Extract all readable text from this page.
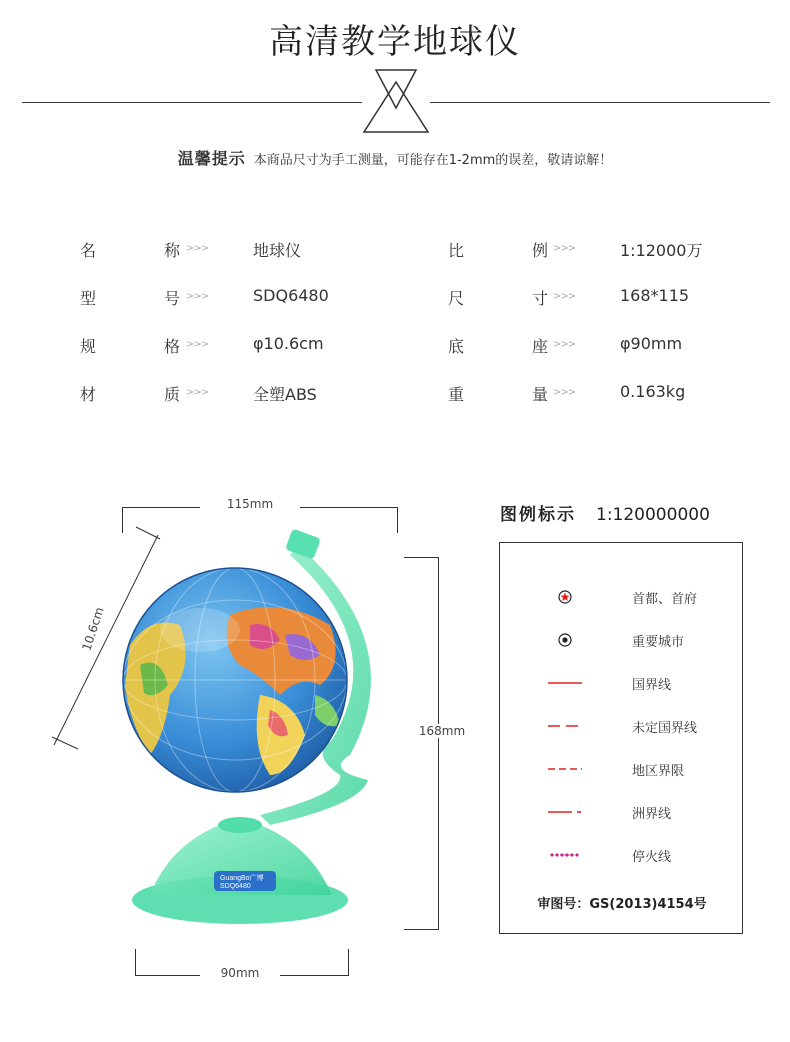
高清教学地球仪
温馨提示 本商品尺寸为手工测量，可能存在1-2mm的误差，敬请谅解！
名	称 >>>	地球仪
型	号 >>>	SDQ6480
规	格 >>>	φ10.6cm
材	质 >>>	全塑ABS
比	例 >>>	1:12000万
尺	寸 >>>	168*115
底	座 >>>	φ90mm
重	量 >>>	0.163kg
115mm
10.6cm
168mm
90mm
GuangBo广博
SDQ6480
图例标示 1:120000000
首都、首府
重要城市
国界线
未定国界线
地区界限
洲界线
停火线
审图号：GS(2013)4154号
